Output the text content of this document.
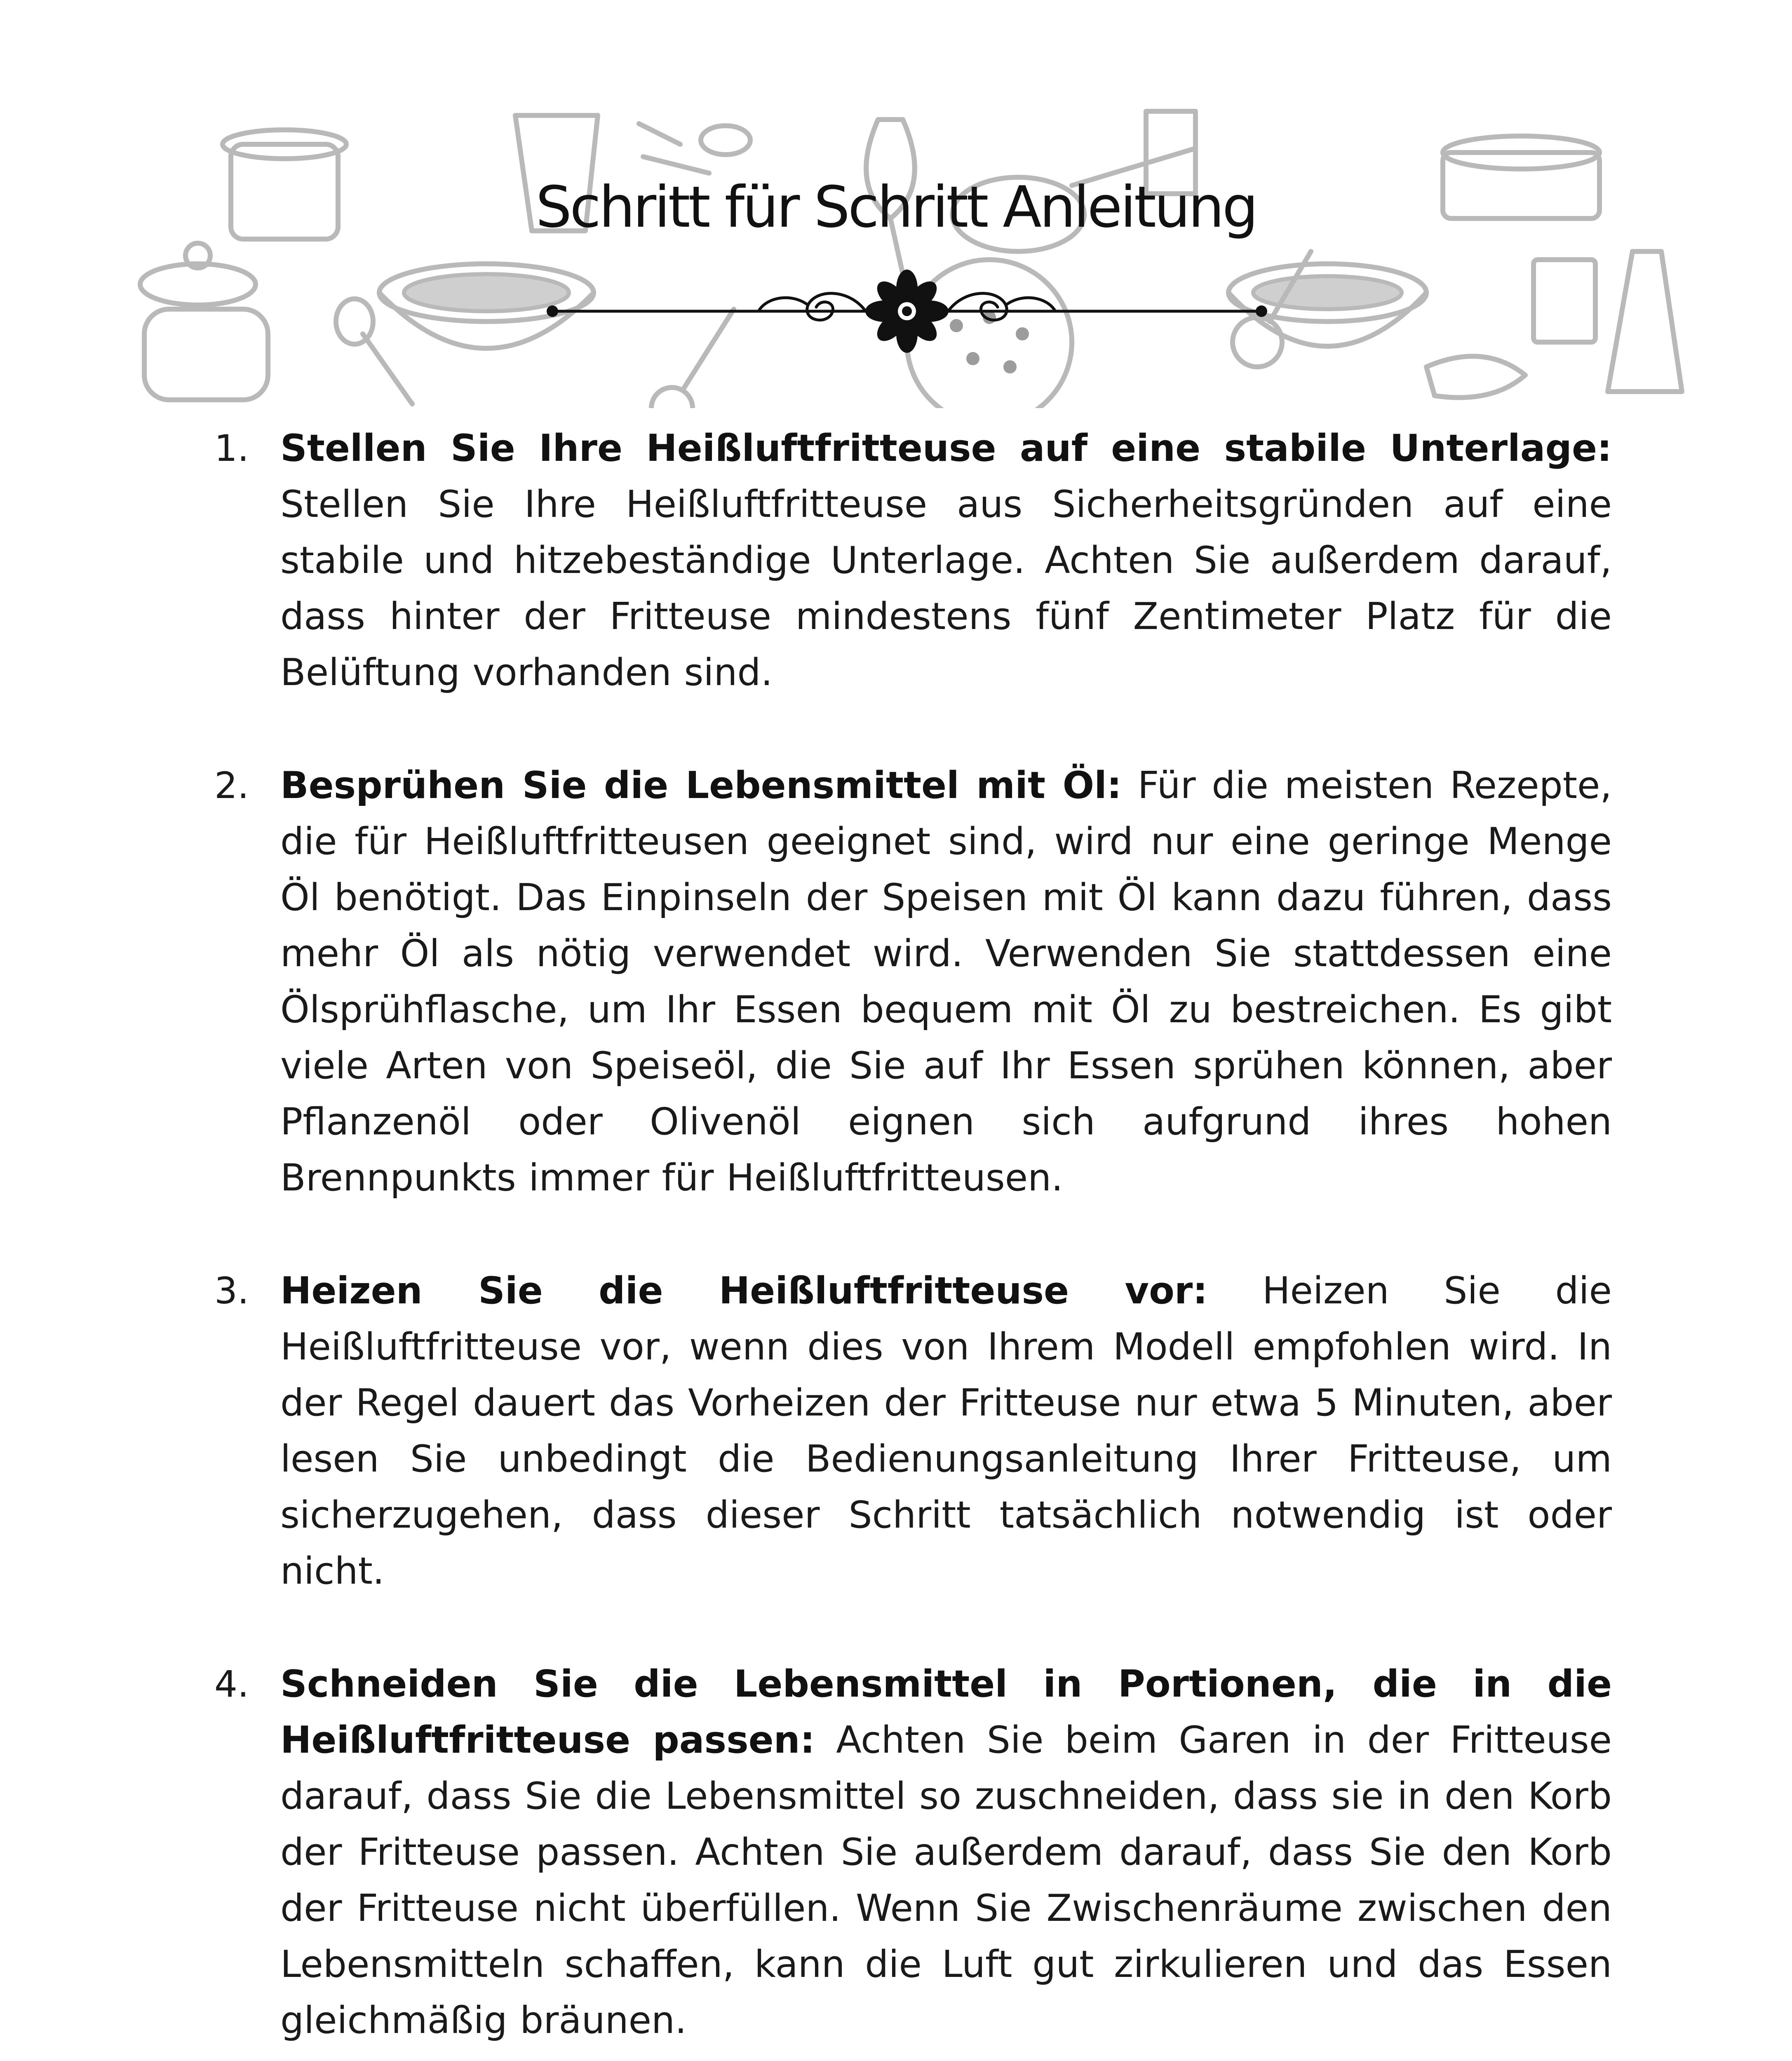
Schritt für Schritt Anleitung
1. Stellen Sie Ihre Heißluftfritteuse auf eine stabile Unterlage: Stellen Sie Ihre Heißluftfritteuse aus Sicherheitsgründen auf eine stabile und hitzebeständige Unterlage. Achten Sie außerdem darauf, dass hinter der Fritteuse mindestens fünf Zentimeter Platz für die Belüftung vorhanden sind.
2. Besprühen Sie die Lebensmittel mit Öl: Für die meisten Rezepte, die für Heißluftfritteusen geeignet sind, wird nur eine geringe Menge Öl benötigt. Das Einpinseln der Speisen mit Öl kann dazu führen, dass mehr Öl als nötig verwendet wird. Verwenden Sie stattdessen eine Ölsprühflasche, um Ihr Essen bequem mit Öl zu bestreichen. Es gibt viele Arten von Speiseöl, die Sie auf Ihr Essen sprühen können, aber Pflanzenöl oder Olivenöl eignen sich aufgrund ihres hohen Brennpunkts immer für Heißluftfritteusen.
3. Heizen Sie die Heißluftfritteuse vor: Heizen Sie die Heißluftfritteuse vor, wenn dies von Ihrem Modell empfohlen wird. In der Regel dauert das Vorheizen der Fritteuse nur etwa 5 Minuten, aber lesen Sie unbedingt die Bedienungsanleitung Ihrer Fritteuse, um sicherzugehen, dass dieser Schritt tatsächlich notwendig ist oder nicht.
4. Schneiden Sie die Lebensmittel in Portionen, die in die Heißluftfritteuse passen: Achten Sie beim Garen in der Fritteuse darauf, dass Sie die Lebensmittel so zuschneiden, dass sie in den Korb der Fritteuse passen. Achten Sie außerdem darauf, dass Sie den Korb der Fritteuse nicht überfüllen. Wenn Sie Zwischenräume zwischen den Lebensmitteln schaffen, kann die Luft gut zirkulieren und das Essen gleichmäßig bräunen.
